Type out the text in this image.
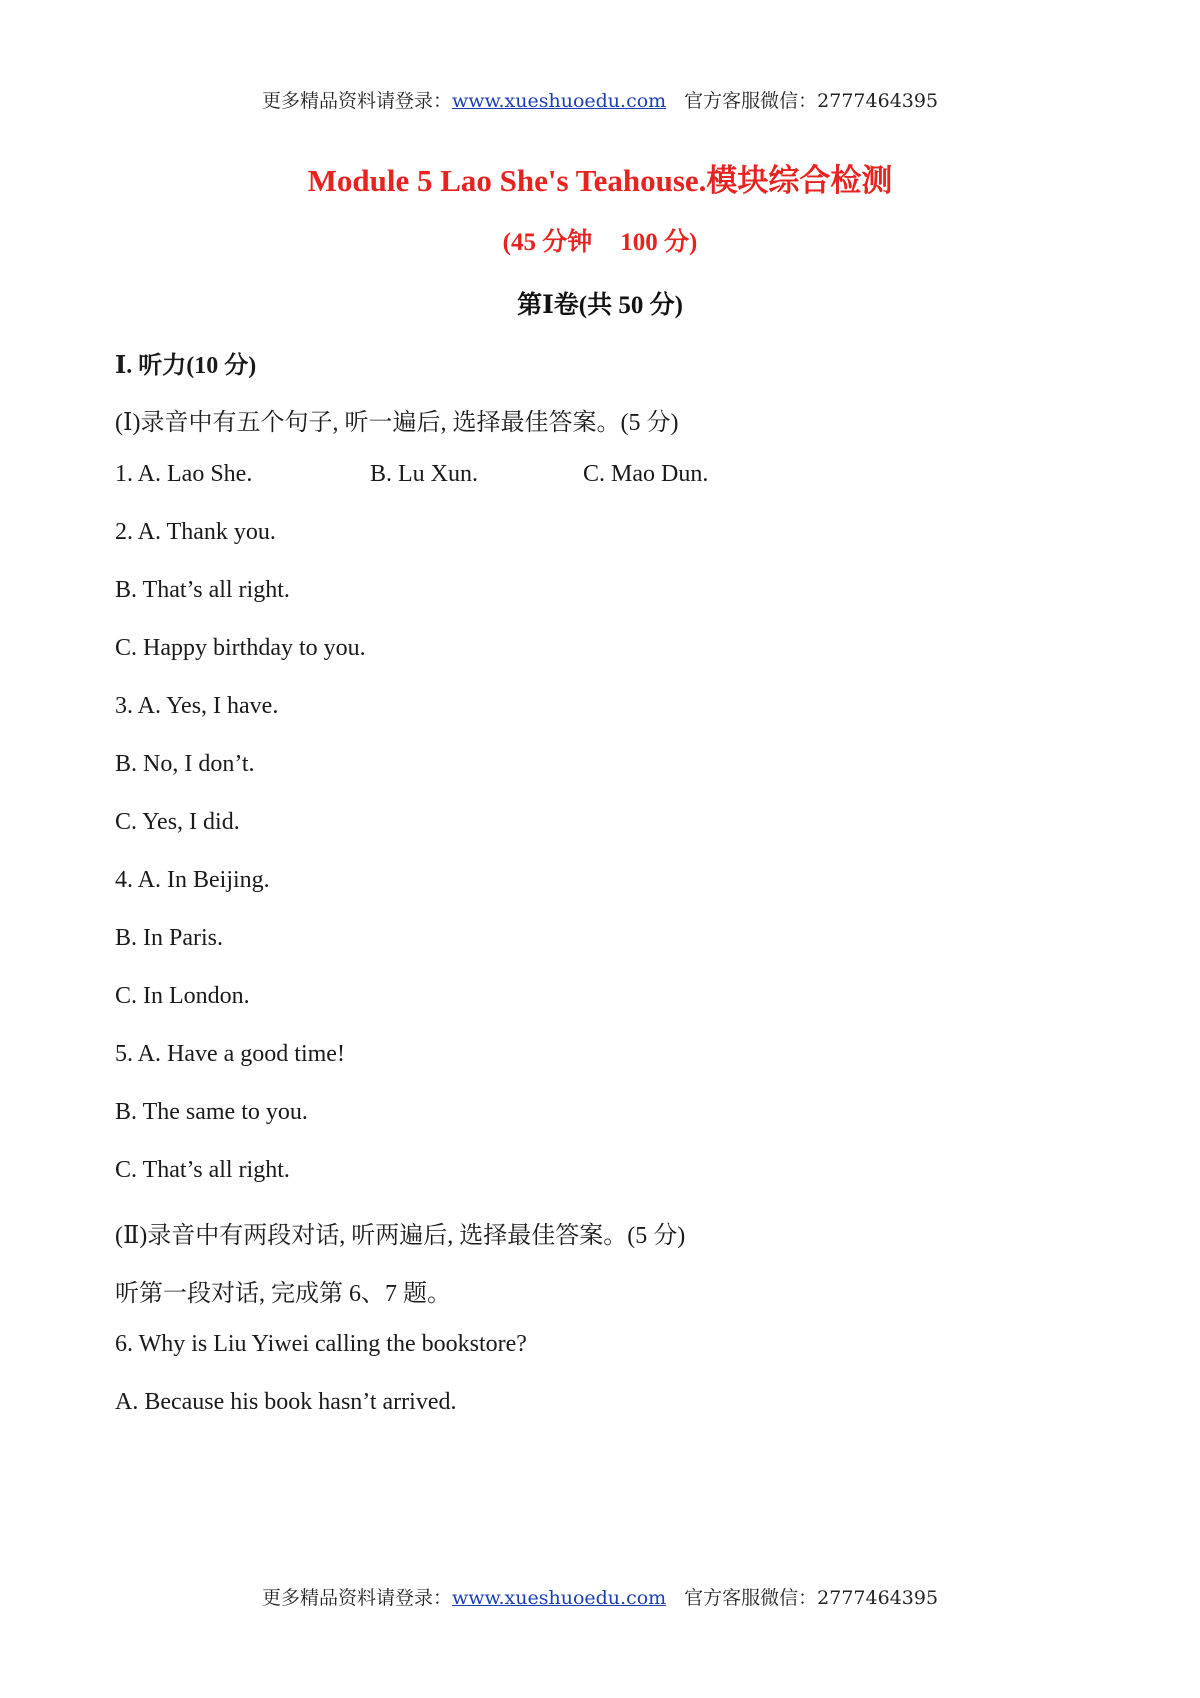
更多精品资料请登录：www.xueshuoedu.com 官方客服微信：2777464395
Module 5 Lao She's Teahouse.模块综合检测
(45 分钟 100 分)
第Ⅰ卷(共 50 分)
Ⅰ. 听力(10 分)
(Ⅰ)录音中有五个句子, 听一遍后, 选择最佳答案。(5 分)
1. A. Lao She.	B. Lu Xun.	C. Mao Dun.
2. A. Thank you.
B. That’s all right.
C. Happy birthday to you.
3. A. Yes, I have.
B. No, I don’t.
C. Yes, I did.
4. A. In Beijing.
B. In Paris.
C. In London.
5. A. Have a good time!
B. The same to you.
C. That’s all right.
(Ⅱ)录音中有两段对话, 听两遍后, 选择最佳答案。(5 分)
听第一段对话, 完成第 6、7 题。
6. Why is Liu Yiwei calling the bookstore?
A. Because his book hasn’t arrived.
更多精品资料请登录：www.xueshuoedu.com 官方客服微信：2777464395
